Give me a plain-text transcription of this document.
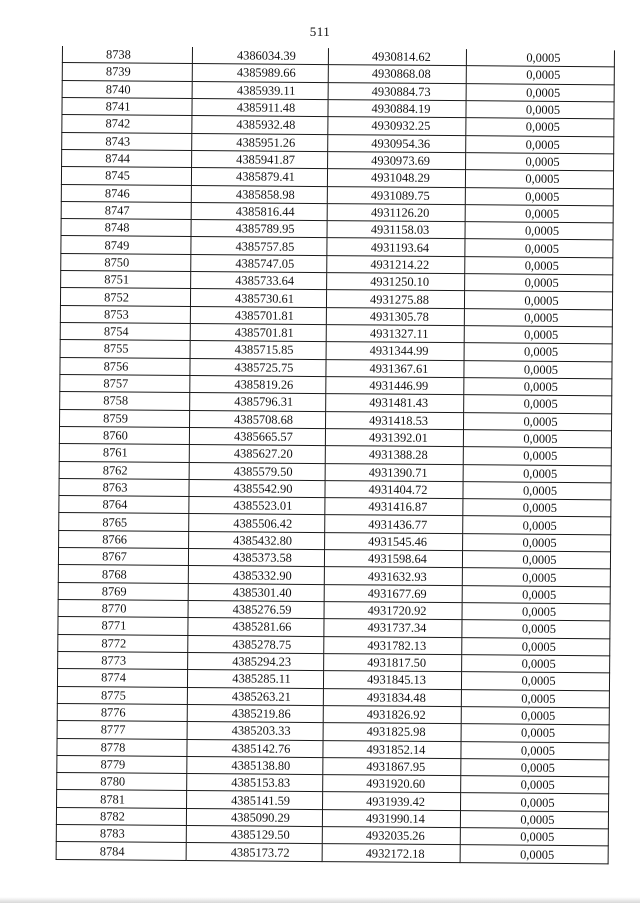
511
8738	4386034.39	4930814.62	0,0005
8739	4385989.66	4930868.08	0,0005
8740	4385939.11	4930884.73	0,0005
8741	4385911.48	4930884.19	0,0005
8742	4385932.48	4930932.25	0,0005
8743	4385951.26	4930954.36	0,0005
8744	4385941.87	4930973.69	0,0005
8745	4385879.41	4931048.29	0,0005
8746	4385858.98	4931089.75	0,0005
8747	4385816.44	4931126.20	0,0005
8748	4385789.95	4931158.03	0,0005
8749	4385757.85	4931193.64	0,0005
8750	4385747.05	4931214.22	0,0005
8751	4385733.64	4931250.10	0,0005
8752	4385730.61	4931275.88	0,0005
8753	4385701.81	4931305.78	0,0005
8754	4385701.81	4931327.11	0,0005
8755	4385715.85	4931344.99	0,0005
8756	4385725.75	4931367.61	0,0005
8757	4385819.26	4931446.99	0,0005
8758	4385796.31	4931481.43	0,0005
8759	4385708.68	4931418.53	0,0005
8760	4385665.57	4931392.01	0,0005
8761	4385627.20	4931388.28	0,0005
8762	4385579.50	4931390.71	0,0005
8763	4385542.90	4931404.72	0,0005
8764	4385523.01	4931416.87	0,0005
8765	4385506.42	4931436.77	0,0005
8766	4385432.80	4931545.46	0,0005
8767	4385373.58	4931598.64	0,0005
8768	4385332.90	4931632.93	0,0005
8769	4385301.40	4931677.69	0,0005
8770	4385276.59	4931720.92	0,0005
8771	4385281.66	4931737.34	0,0005
8772	4385278.75	4931782.13	0,0005
8773	4385294.23	4931817.50	0,0005
8774	4385285.11	4931845.13	0,0005
8775	4385263.21	4931834.48	0,0005
8776	4385219.86	4931826.92	0,0005
8777	4385203.33	4931825.98	0,0005
8778	4385142.76	4931852.14	0,0005
8779	4385138.80	4931867.95	0,0005
8780	4385153.83	4931920.60	0,0005
8781	4385141.59	4931939.42	0,0005
8782	4385090.29	4931990.14	0,0005
8783	4385129.50	4932035.26	0,0005
8784	4385173.72	4932172.18	0,0005
